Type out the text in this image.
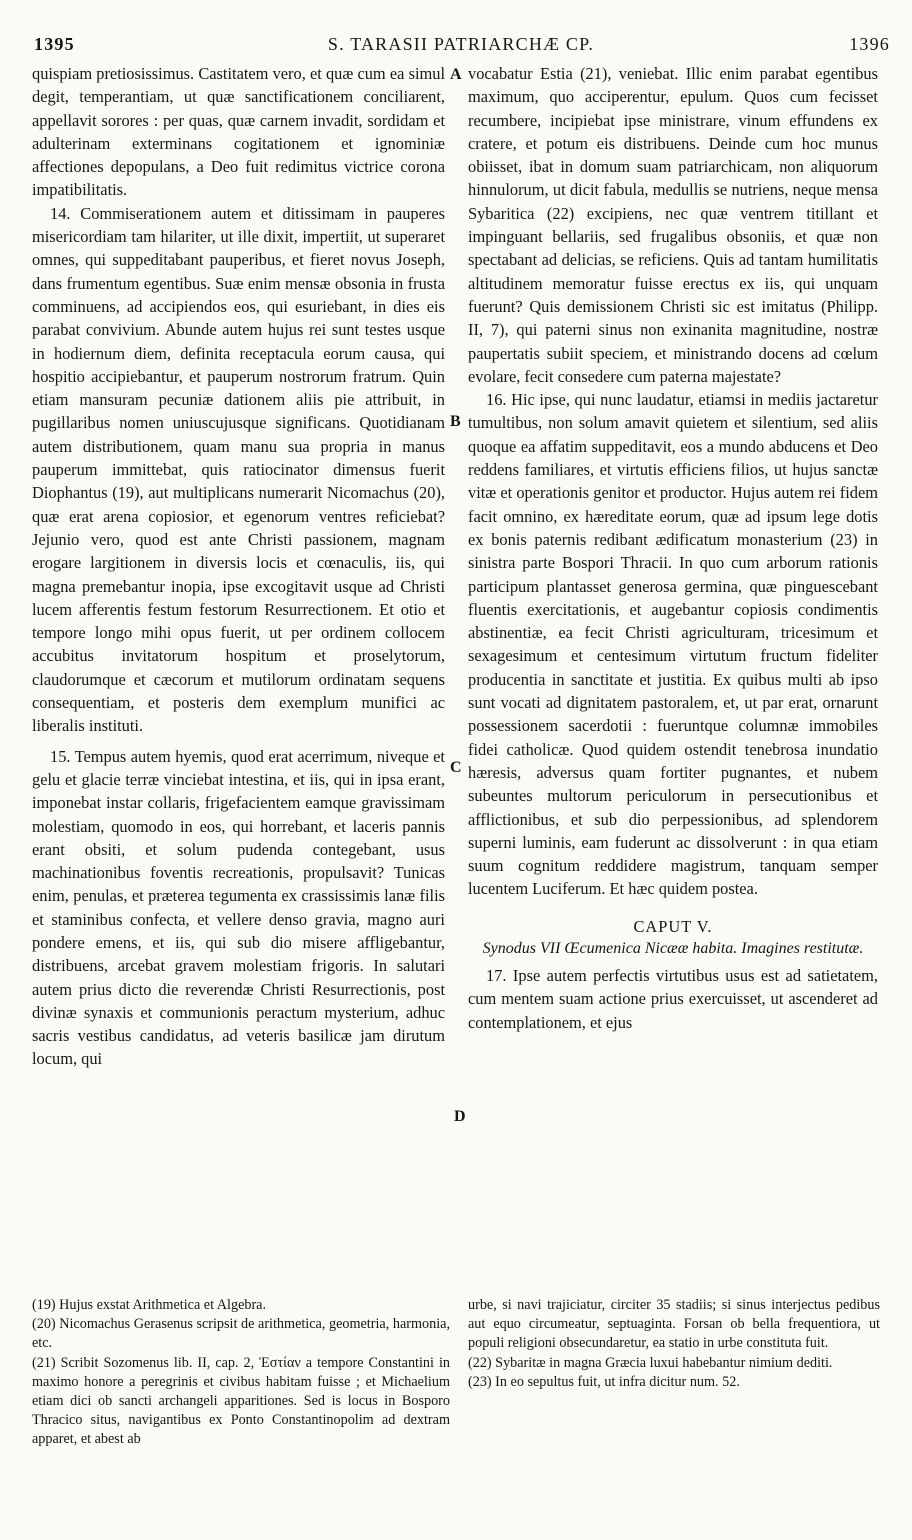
1395	S. TARASII PATRIARCHÆ CP.	1396
A
B
C
D

quispiam pretiosissimus. Castitatem vero, et quæ cum ea simul degit, temperantiam, ut quæ sanctificationem conciliarent, appellavit sorores : per quas, quæ carnem invadit, sordidam et adulterinam exterminans cogitationem et ignominiæ affectiones depopulans, a Deo fuit redimitus victrice corona impatibilitatis.

14. Commiserationem autem et ditissimam in pauperes misericordiam tam hilariter, ut ille dixit, impertiit, ut superaret omnes, qui suppeditabant pauperibus, et fieret novus Joseph, dans frumentum egentibus. Suæ enim mensæ obsonia in frusta comminuens, ad accipiendos eos, qui esuriebant, in dies eis parabat convivium. Abunde autem hujus rei sunt testes usque in hodiernum diem, definita receptacula eorum causa, qui hospitio accipiebantur, et pauperum nostrorum fratrum. Quin etiam mansuram pecuniæ dationem aliis pie attribuit, in pugillaribus nomen uniuscujusque significans. Quotidianam autem distributionem, quam manu sua propria in manus pauperum immittebat, quis ratiocinator dimensus fuerit Diophantus (19), aut multiplicans numerarit Nicomachus (20), quæ erat arena copiosior, et egenorum ventres reficiebat? Jejunio vero, quod est ante Christi passionem, magnam erogare largitionem in diversis locis et cœnaculis, iis, qui magna premebantur inopia, ipse excogitavit usque ad Christi lucem afferentis festum festorum Resurrectionem. Et otio et tempore longo mihi opus fuerit, ut per ordinem collocem accubitus invitatorum hospitum et proselytorum, claudorumque et cæcorum et mutilorum ordinatam sequens consequentiam, et posteris dem exemplum munifici ac liberalis instituti.

15. Tempus autem hyemis, quod erat acerrimum, niveque et gelu et glacie terræ vinciebat intestina, et iis, qui in ipsa erant, imponebat instar collaris, frigefacientem eamque gravissimam molestiam, quomodo in eos, qui horrebant, et laceris pannis erant obsiti, et solum pudenda contegebant, usus machinationibus foventis recreationis, propulsavit? Tunicas enim, penulas, et præterea tegumenta ex crassissimis lanæ filis et staminibus confecta, et vellere denso gravia, magno auri pondere emens, et iis, qui sub dio misere affligebantur, distribuens, arcebat gravem molestiam frigoris. In salutari autem prius dicto die reverendæ Christi Resurrectionis, post divinæ synaxis et communionis peractum mysterium, adhuc sacris vestibus candidatus, ad veteris basilicæ jam dirutum locum, qui

vocabatur Estia (21), veniebat. Illic enim parabat egentibus maximum, quo acciperentur, epulum. Quos cum fecisset recumbere, incipiebat ipse ministrare, vinum effundens ex cratere, et potum eis distribuens. Deinde cum hoc munus obiisset, ibat in domum suam patriarchicam, non aliquorum hinnulorum, ut dicit fabula, medullis se nutriens, neque mensa Sybaritica (22) excipiens, nec quæ ventrem titillant et impinguant bellariis, sed frugalibus obsoniis, et quæ non spectabant ad delicias, se reficiens. Quis ad tantam humilitatis altitudinem memoratur fuisse erectus ex iis, qui unquam fuerunt? Quis demissionem Christi sic est imitatus (Philipp. II, 7), qui paterni sinus non exinanita magnitudine, nostræ paupertatis subiit speciem, et ministrando docens ad cœlum evolare, fecit consedere cum paterna majestate?

16. Hic ipse, qui nunc laudatur, etiamsi in mediis jactaretur tumultibus, non solum amavit quietem et silentium, sed aliis quoque ea affatim suppeditavit, eos a mundo abducens et Deo reddens familiares, et virtutis efficiens filios, ut hujus sanctæ vitæ et operationis genitor et productor. Hujus autem rei fidem facit omnino, ex hæreditate eorum, quæ ad ipsum lege dotis ex bonis paternis redibant ædificatum monasterium (23) in sinistra parte Bospori Thracii. In quo cum arborum rationis participum plantasset generosa germina, quæ pinguescebant fluentis exercitationis, et augebantur copiosis condimentis abstinentiæ, ea fecit Christi agriculturam, tricesimum et sexagesimum et centesimum virtutum fructum fideliter producentia in sanctitate et justitia. Ex quibus multi ab ipso sunt vocati ad dignitatem pastoralem, et, ut par erat, ornarunt possessionem sacerdotii : fueruntque columnæ immobiles fidei catholicæ. Quod quidem ostendit tenebrosa inundatio hæresis, adversus quam fortiter pugnantes, et nubem subeuntes multorum periculorum in persecutionibus et afflictionibus, et sub dio perpessionibus, ad splendorem superni luminis, eam fuderunt ac dissolverunt : in qua etiam suum cognitum reddidere magistrum, tanquam semper lucentem Luciferum. Et hæc quidem postea.

CAPUT V.
Synodus VII Œcumenica Nicææ habita. Imagines restitutæ.

17. Ipse autem perfectis virtutibus usus est ad satietatem, cum mentem suam actione prius exercuisset, ut ascenderet ad contemplationem, et ejus

(19) Hujus exstat Arithmetica et Algebra.

(20) Nicomachus Gerasenus scripsit de arithmetica, geometria, harmonia, etc.

(21) Scribit Sozomenus lib. II, cap. 2, Ἑστίαν a tempore Constantini in maximo honore a peregrinis et civibus habitam fuisse ; et Michaelium etiam dici ob sancti archangeli apparitiones. Sed is locus in Bosporo Thracico situs, navigantibus ex Ponto Constantinopolim ad dextram apparet, et abest ab

urbe, si navi trajiciatur, circiter 35 stadiis; si sinus interjectus pedibus aut equo circumeatur, septuaginta. Forsan ob bella frequentiora, ut populi religioni obsecundaretur, ea statio in urbe constituta fuit.

(22) Sybaritæ in magna Græcia luxui habebantur nimium dediti.

(23) In eo sepultus fuit, ut infra dicitur num. 52.
